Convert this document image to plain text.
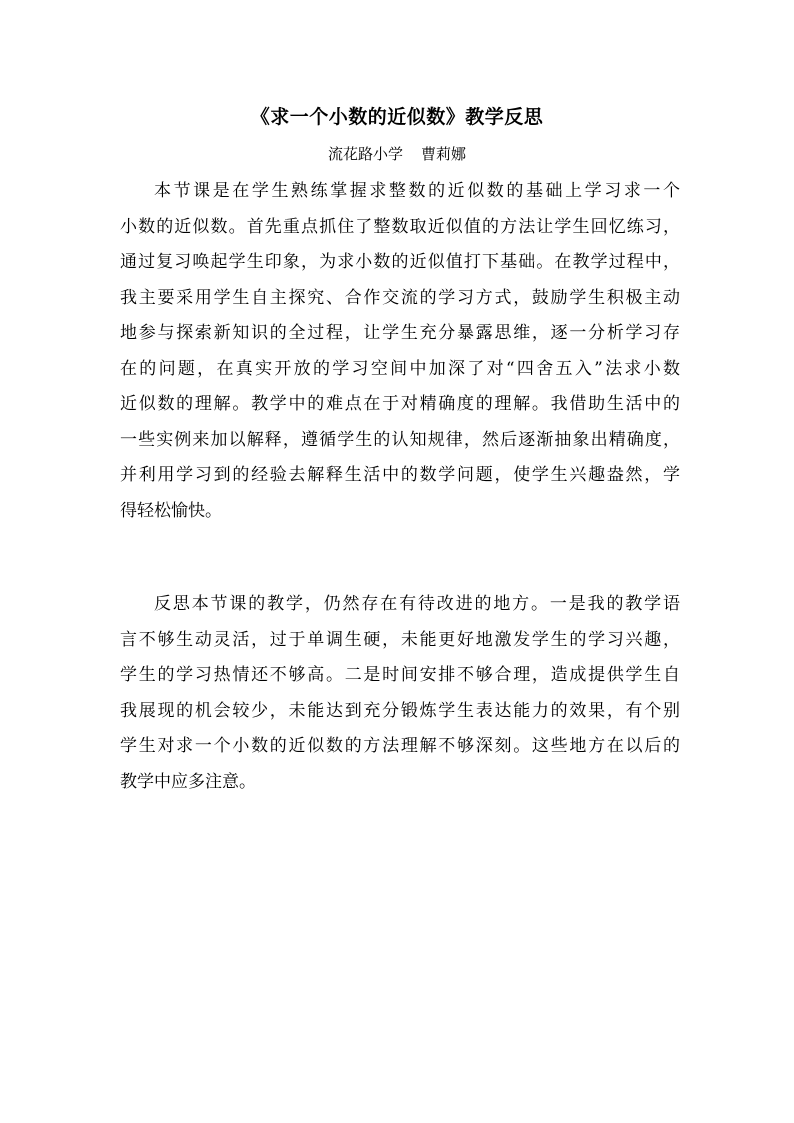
《求一个小数的近似数》教学反思
流花路小学 曹莉娜
本节课是在学生熟练掌握求整数的近似数的基础上学习求一个
小数的近似数。首先重点抓住了整数取近似值的方法让学生回忆练习，
通过复习唤起学生印象，为求小数的近似值打下基础。在教学过程中，
我主要采用学生自主探究、合作交流的学习方式，鼓励学生积极主动
地参与探索新知识的全过程，让学生充分暴露思维，逐一分析学习存
在的问题，在真实开放的学习空间中加深了对“四舍五入”法求小数
近似数的理解。教学中的难点在于对精确度的理解。我借助生活中的
一些实例来加以解释，遵循学生的认知规律，然后逐渐抽象出精确度，
并利用学习到的经验去解释生活中的数学问题，使学生兴趣盎然，学
得轻松愉快。
反思本节课的教学，仍然存在有待改进的地方。一是我的教学语
言不够生动灵活，过于单调生硬，未能更好地激发学生的学习兴趣，
学生的学习热情还不够高。二是时间安排不够合理，造成提供学生自
我展现的机会较少，未能达到充分锻炼学生表达能力的效果，有个别
学生对求一个小数的近似数的方法理解不够深刻。这些地方在以后的
教学中应多注意。
